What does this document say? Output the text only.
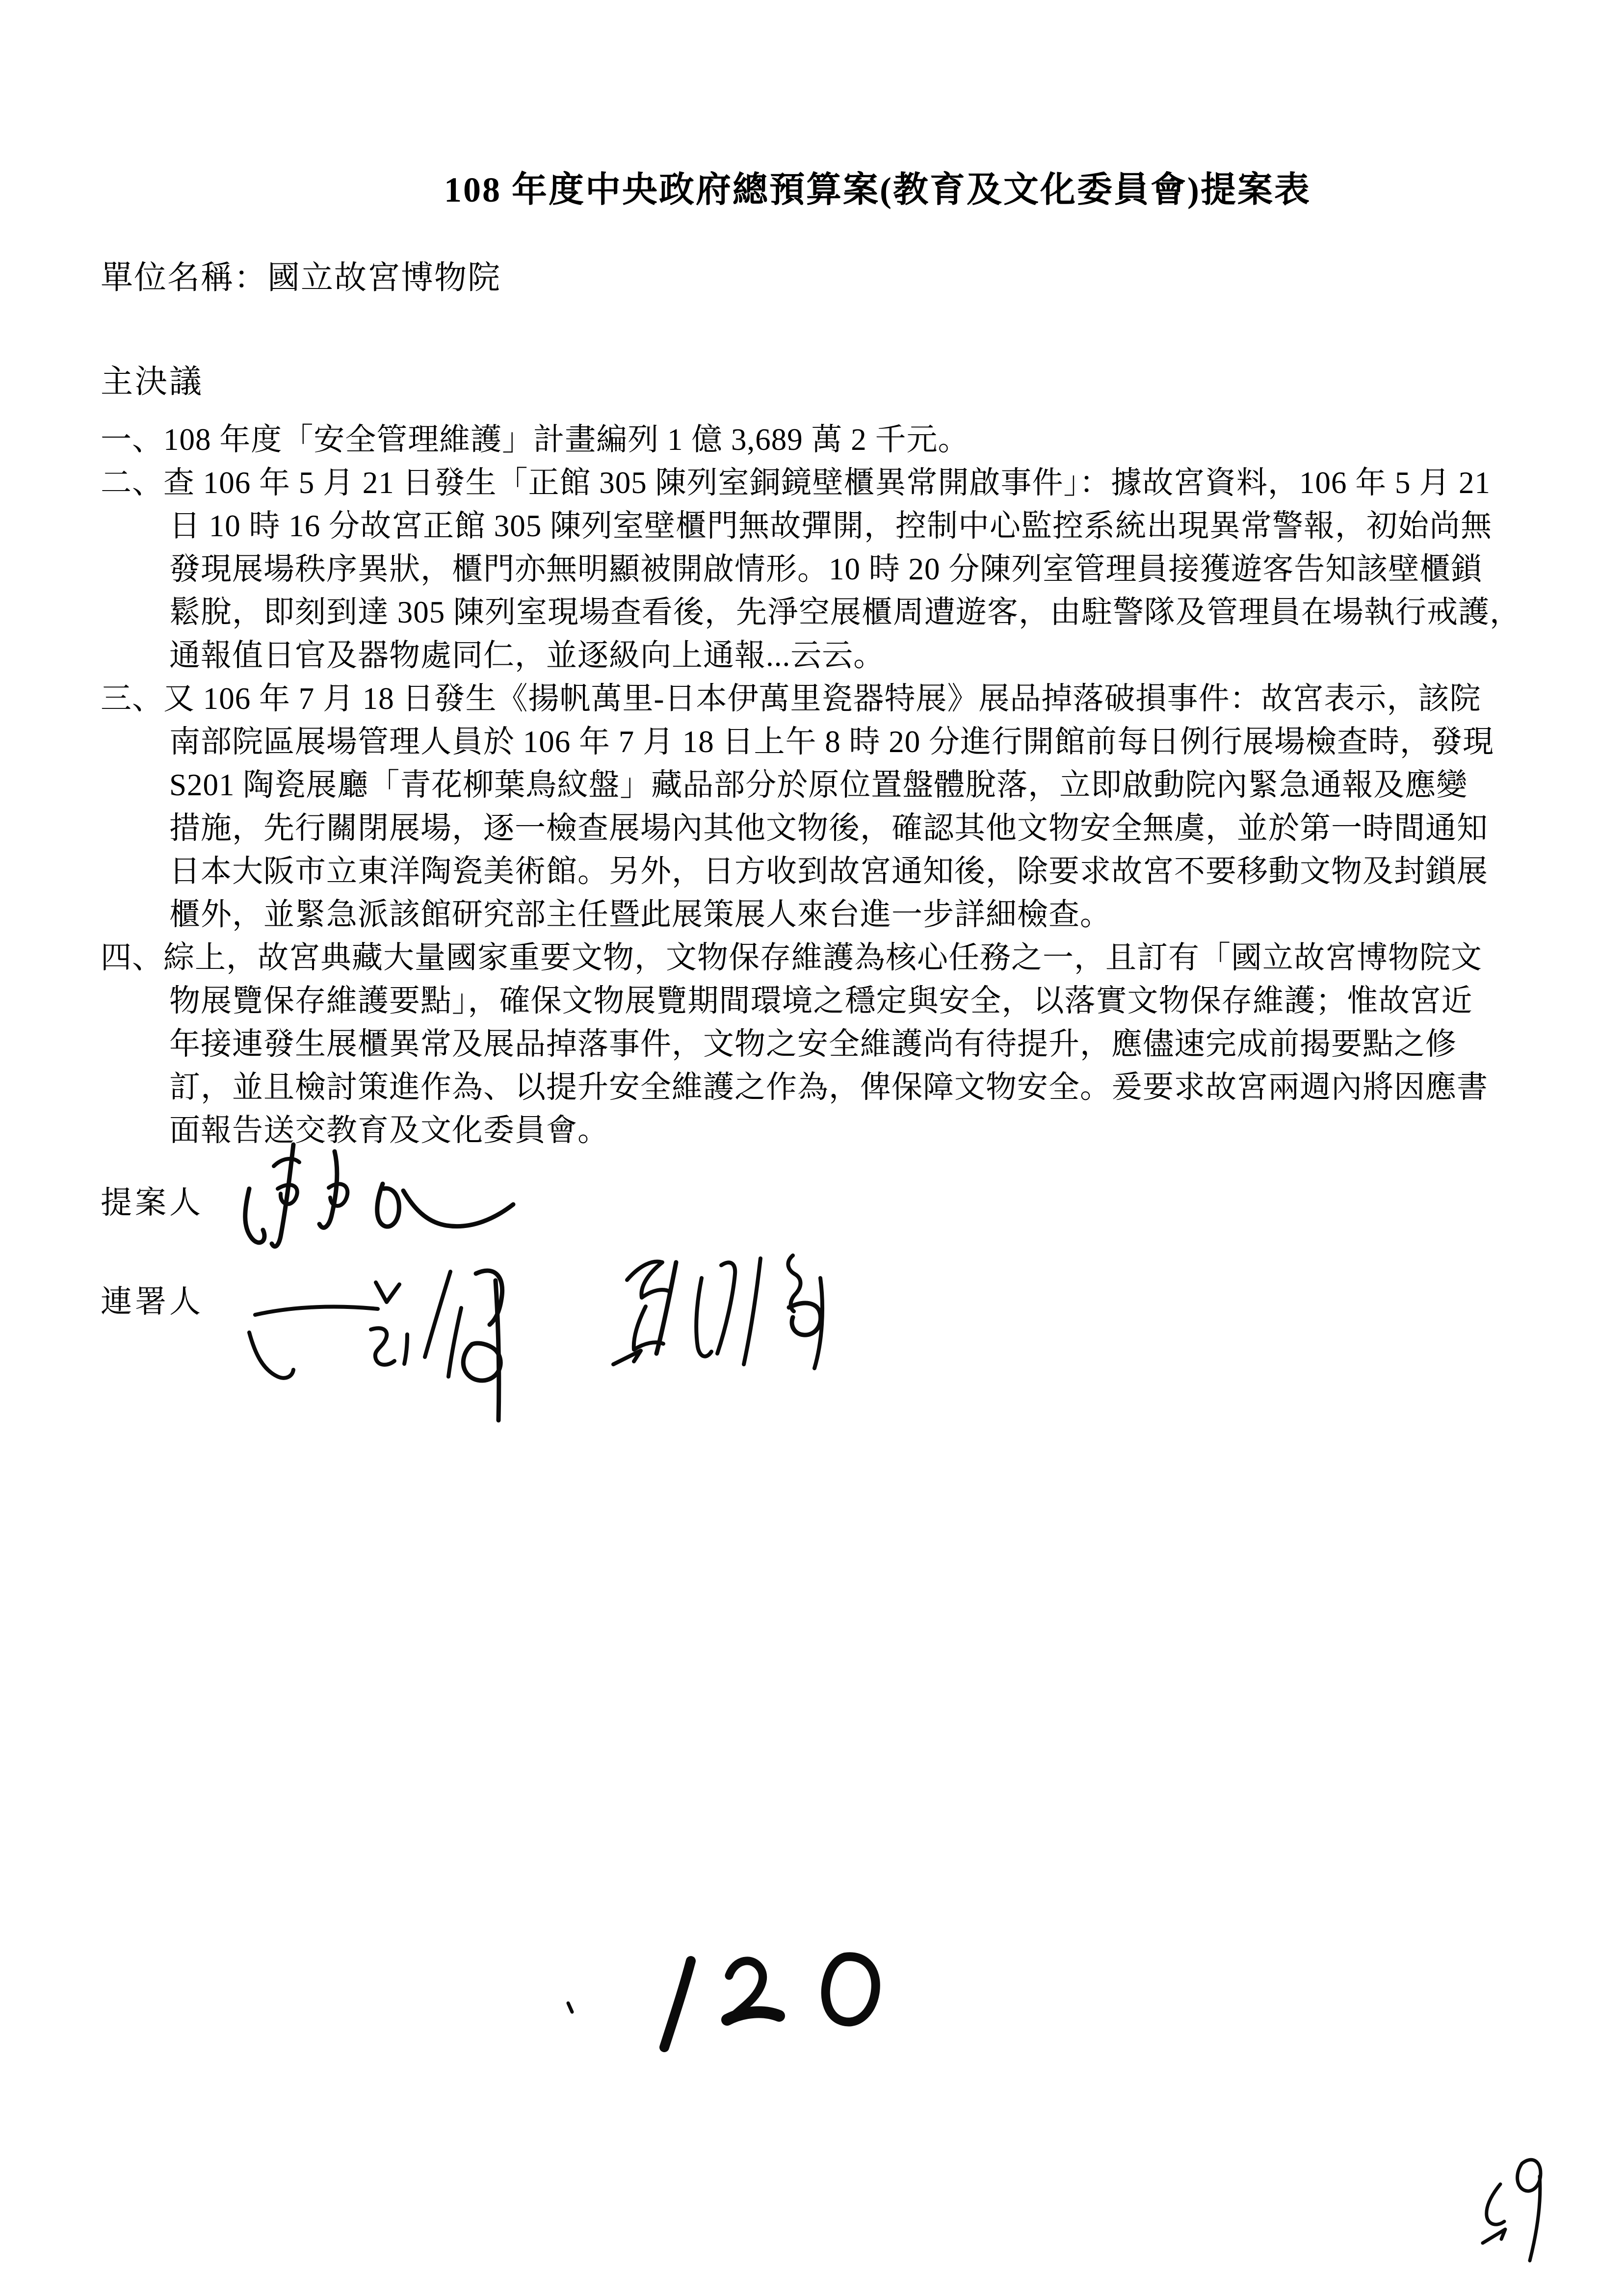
108 年度中央政府總預算案(教育及文化委員會)提案表
單位名稱：國立故宮博物院
主決議
一、108 年度「安全管理維護」計畫編列 1 億 3,689 萬 2 千元。
二、查 106 年 5 月 21 日發生「正館 305 陳列室銅鏡壁櫃異常開啟事件」：據故宮資料，106 年 5 月 21
日 10 時 16 分故宮正館 305 陳列室壁櫃門無故彈開，控制中心監控系統出現異常警報，初始尚無
發現展場秩序異狀，櫃門亦無明顯被開啟情形。10 時 20 分陳列室管理員接獲遊客告知該壁櫃鎖
鬆脫，即刻到達 305 陳列室現場查看後，先淨空展櫃周遭遊客，由駐警隊及管理員在場執行戒護，
通報值日官及器物處同仁，並逐級向上通報...云云。
三、又 106 年 7 月 18 日發生《揚帆萬里-日本伊萬里瓷器特展》展品掉落破損事件：故宮表示，該院
南部院區展場管理人員於 106 年 7 月 18 日上午 8 時 20 分進行開館前每日例行展場檢查時，發現
S201 陶瓷展廳「青花柳葉鳥紋盤」藏品部分於原位置盤體脫落，立即啟動院內緊急通報及應變
措施，先行關閉展場，逐一檢查展場內其他文物後，確認其他文物安全無虞，並於第一時間通知
日本大阪市立東洋陶瓷美術館。另外，日方收到故宮通知後，除要求故宮不要移動文物及封鎖展
櫃外，並緊急派該館研究部主任暨此展策展人來台進一步詳細檢查。
四、綜上，故宮典藏大量國家重要文物，文物保存維護為核心任務之一，且訂有「國立故宮博物院文
物展覽保存維護要點」，確保文物展覽期間環境之穩定與安全，以落實文物保存維護；惟故宮近
年接連發生展櫃異常及展品掉落事件，文物之安全維護尚有待提升，應儘速完成前揭要點之修
訂，並且檢討策進作為、以提升安全維護之作為，俾保障文物安全。爰要求故宮兩週內將因應書
面報告送交教育及文化委員會。
提案人
連署人
